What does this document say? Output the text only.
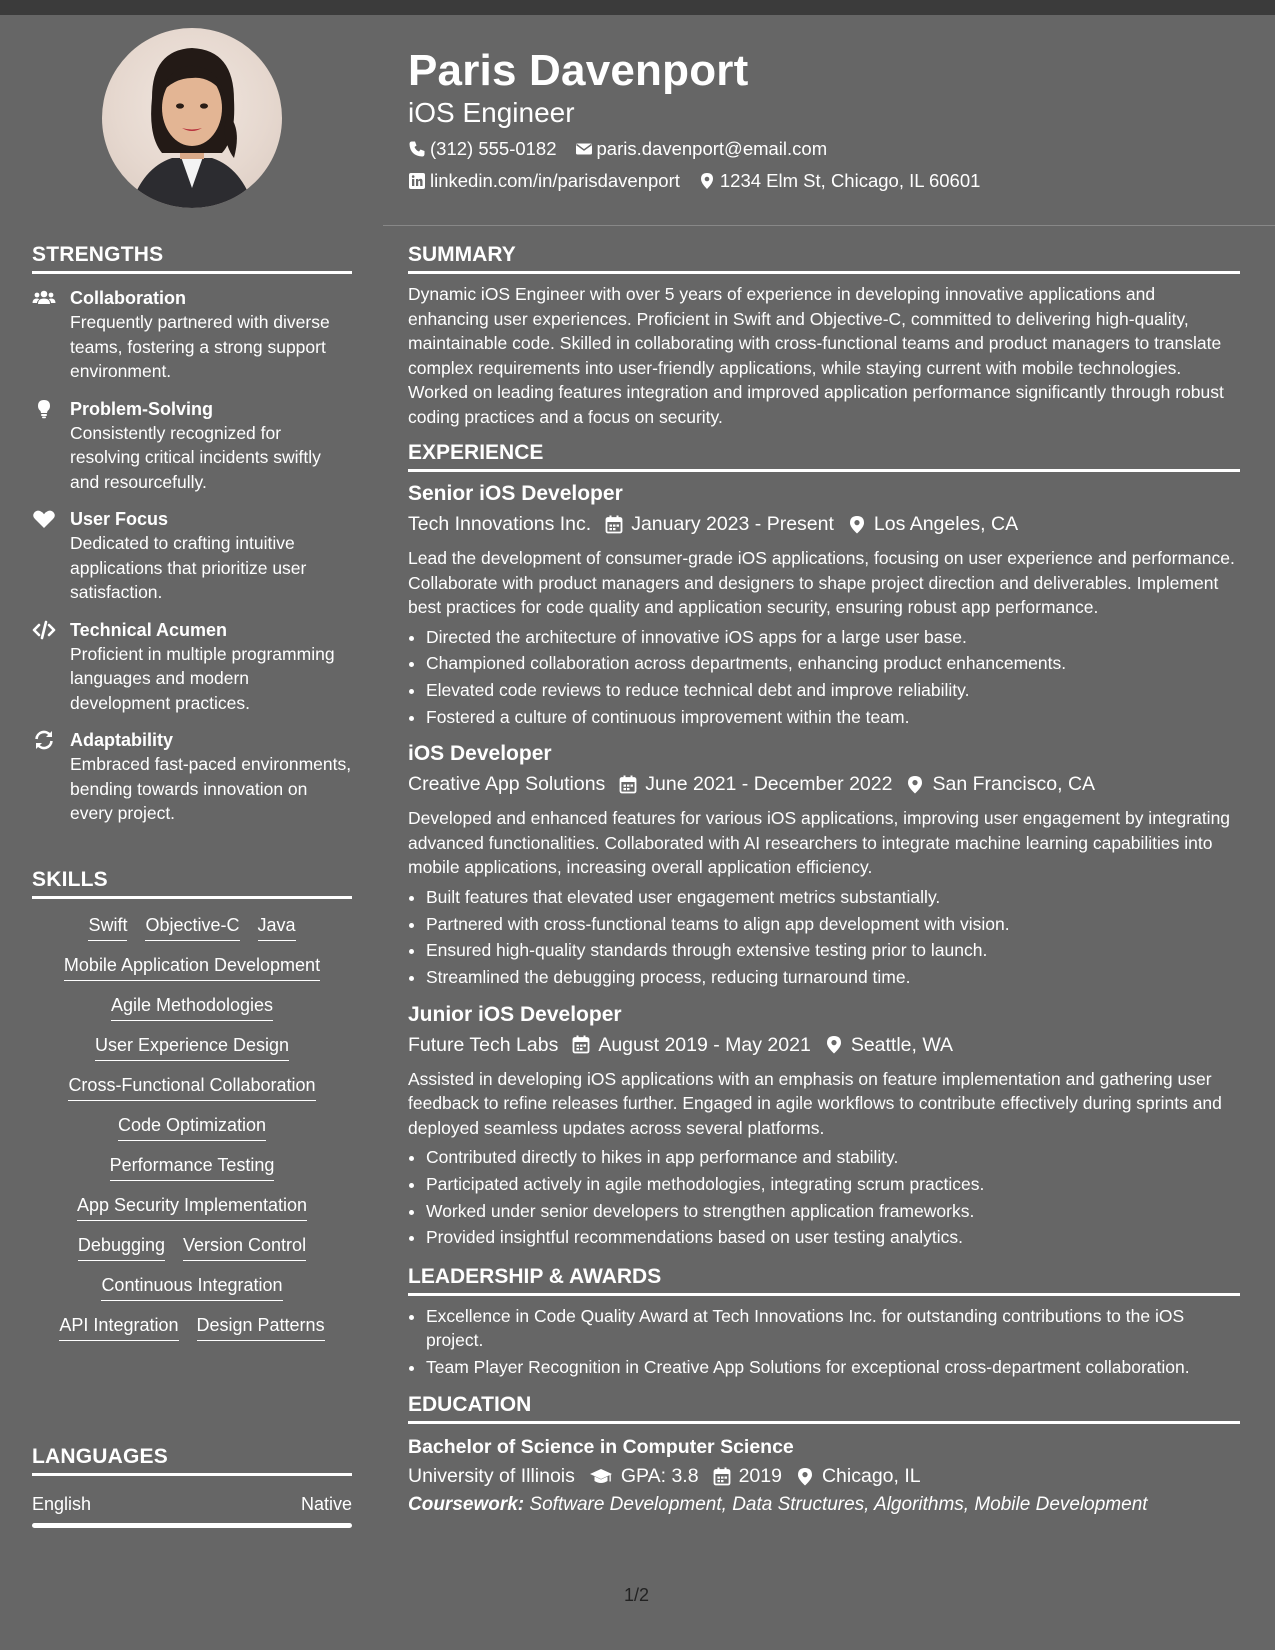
STRENGTHS
Collaboration
Frequently partnered with diverse teams, fostering a strong support environment.
Problem-Solving
Consistently recognized for resolving critical incidents swiftly and resourcefully.
User Focus
Dedicated to crafting intuitive applications that prioritize user satisfaction.
Technical Acumen
Proficient in multiple programming languages and modern development practices.
Adaptability
Embraced fast-paced environments, bending towards innovation on every project.
SKILLS
Swift Objective-C Java
Mobile Application Development
Agile Methodologies
User Experience Design
Cross-Functional Collaboration
Code Optimization
Performance Testing
App Security Implementation
Debugging Version Control
Continuous Integration
API Integration Design Patterns
LANGUAGES
English	Native
Paris Davenport
iOS Engineer
(312) 555-0182 paris.davenport@email.com
linkedin.com/in/parisdavenport 1234 Elm St, Chicago, IL 60601
SUMMARY
Dynamic iOS Engineer with over 5 years of experience in developing innovative applications and enhancing user experiences. Proficient in Swift and Objective-C, committed to delivering high-quality, maintainable code. Skilled in collaborating with cross-functional teams and product managers to translate complex requirements into user-friendly applications, while staying current with mobile technologies. Worked on leading features integration and improved application performance significantly through robust coding practices and a focus on security.
EXPERIENCE
Senior iOS Developer
Tech Innovations Inc. January 2023 - Present Los Angeles, CA
Lead the development of consumer-grade iOS applications, focusing on user experience and performance. Collaborate with product managers and designers to shape project direction and deliverables. Implement best practices for code quality and application security, ensuring robust app performance.
• Directed the architecture of innovative iOS apps for a large user base.
• Championed collaboration across departments, enhancing product enhancements.
• Elevated code reviews to reduce technical debt and improve reliability.
• Fostered a culture of continuous improvement within the team.
iOS Developer
Creative App Solutions June 2021 - December 2022 San Francisco, CA
Developed and enhanced features for various iOS applications, improving user engagement by integrating advanced functionalities. Collaborated with AI researchers to integrate machine learning capabilities into mobile applications, increasing overall application efficiency.
• Built features that elevated user engagement metrics substantially.
• Partnered with cross-functional teams to align app development with vision.
• Ensured high-quality standards through extensive testing prior to launch.
• Streamlined the debugging process, reducing turnaround time.
Junior iOS Developer
Future Tech Labs August 2019 - May 2021 Seattle, WA
Assisted in developing iOS applications with an emphasis on feature implementation and gathering user feedback to refine releases further. Engaged in agile workflows to contribute effectively during sprints and deployed seamless updates across several platforms.
• Contributed directly to hikes in app performance and stability.
• Participated actively in agile methodologies, integrating scrum practices.
• Worked under senior developers to strengthen application frameworks.
• Provided insightful recommendations based on user testing analytics.
LEADERSHIP & AWARDS
• Excellence in Code Quality Award at Tech Innovations Inc. for outstanding contributions to the iOS project.
• Team Player Recognition in Creative App Solutions for exceptional cross-department collaboration.
EDUCATION
Bachelor of Science in Computer Science
University of Illinois GPA: 3.8 2019 Chicago, IL
Coursework: Software Development, Data Structures, Algorithms, Mobile Development
1/2
